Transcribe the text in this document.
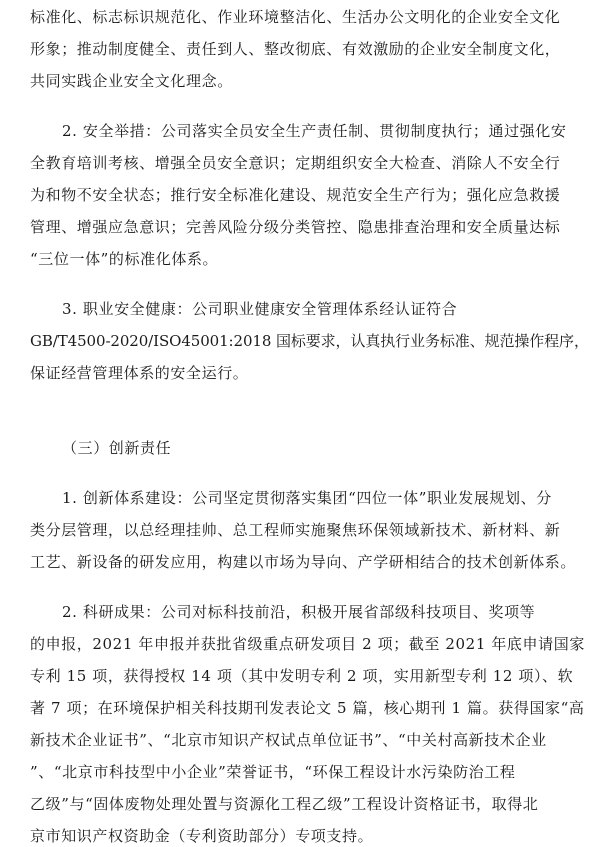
标准化、标志标识规范化、作业环境整洁化、生活办公文明化的企业安全文化
形象；推动制度健全、责任到人、整改彻底、有效激励的企业安全制度文化，
共同实践企业安全文化理念。
2. 安全举措：公司落实全员安全生产责任制、贯彻制度执行；通过强化安
全教育培训考核、增强全员安全意识；定期组织安全大检查、消除人不安全行
为和物不安全状态；推行安全标准化建设、规范安全生产行为；强化应急救援
管理、增强应急意识；完善风险分级分类管控、隐患排查治理和安全质量达标
“三位一体”的标准化体系。
3. 职业安全健康：公司职业健康安全管理体系经认证符合
GB/T4500-2020/ISO45001:2018 国标要求，认真执行业务标准、规范操作程序，
保证经营管理体系的安全运行。
（三）创新责任
1. 创新体系建设：公司坚定贯彻落实集团“四位一体”职业发展规划、分
类分层管理，以总经理挂帅、总工程师实施聚焦环保领域新技术、新材料、新
工艺、新设备的研发应用，构建以市场为导向、产学研相结合的技术创新体系。
2. 科研成果：公司对标科技前沿，积极开展省部级科技项目、奖项等
的申报，2021 年申报并获批省级重点研发项目 2 项；截至 2021 年底申请国家
专利 15 项，获得授权 14 项（其中发明专利 2 项，实用新型专利 12 项）、软
著 7 项；在环境保护相关科技期刊发表论文 5 篇，核心期刊 1 篇。获得国家“高
新技术企业证书”、“北京市知识产权试点单位证书”、“中关村高新技术企业
”、“北京市科技型中小企业”荣誉证书，“环保工程设计水污染防治工程
乙级”与“固体废物处理处置与资源化工程乙级”工程设计资格证书，取得北
京市知识产权资助金（专利资助部分）专项支持。
